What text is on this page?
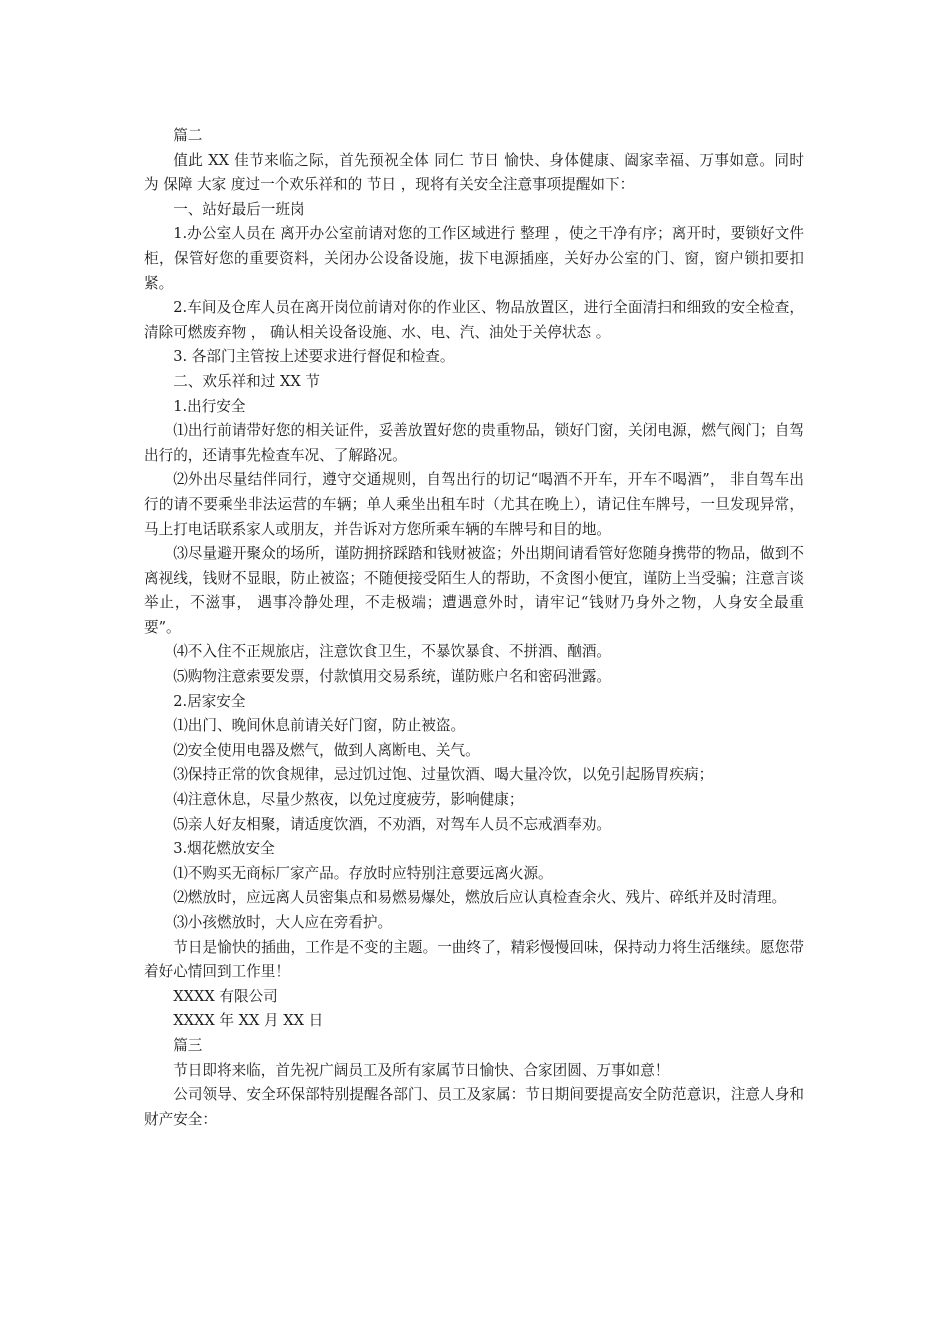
篇二

值此 XX 佳节来临之际，首先预祝全体 同仁 节日 愉快、身体健康、阖家幸福、万事如意。同时 为 保障 大家 度过一个欢乐祥和的 节日 ，现将有关安全注意事项提醒如下：

一、站好最后一班岗

1.办公室人员在 离开办公室前请对您的工作区域进行 整理 ，使之干净有序；离开时，要锁好文件柜，保管好您的重要资料，关闭办公设备设施，拔下电源插座，关好办公室的门、窗，窗户锁扣要扣紧。

2.车间及仓库人员在离开岗位前请对你的作业区、物品放置区，进行全面清扫和细致的安全检查，清除可燃废弃物 ， 确认相关设备设施、水、电、汽、油处于关停状态 。

3. 各部门主管按上述要求进行督促和检查。

二、欢乐祥和过 XX 节

1.出行安全

⑴出行前请带好您的相关证件，妥善放置好您的贵重物品，锁好门窗，关闭电源，燃气阀门；自驾出行的，还请事先检查车况、了解路况。

⑵外出尽量结伴同行，遵守交通规则，自驾出行的切记“喝酒不开车，开车不喝酒”， 非自驾车出行的请不要乘坐非法运营的车辆；单人乘坐出租车时（尤其在晚上），请记住车牌号，一旦发现异常，马上打电话联系家人或朋友，并告诉对方您所乘车辆的车牌号和目的地。

⑶尽量避开聚众的场所，谨防拥挤踩踏和钱财被盗；外出期间请看管好您随身携带的物品，做到不离视线，钱财不显眼，防止被盗；不随便接受陌生人的帮助，不贪图小便宜，谨防上当受骗；注意言谈举止，不滋事， 遇事冷静处理，不走极端；遭遇意外时，请牢记“钱财乃身外之物，人身安全最重要”。

⑷不入住不正规旅店，注意饮食卫生，不暴饮暴食、不拼酒、酗酒。

⑸购物注意索要发票，付款慎用交易系统，谨防账户名和密码泄露。

2.居家安全

⑴出门、晚间休息前请关好门窗，防止被盗。

⑵安全使用电器及燃气，做到人离断电、关气。

⑶保持正常的饮食规律，忌过饥过饱、过量饮酒、喝大量冷饮，以免引起肠胃疾病；

⑷注意休息，尽量少熬夜，以免过度疲劳，影响健康；

⑸亲人好友相聚，请适度饮酒，不劝酒，对驾车人员不忘戒酒奉劝。

3.烟花燃放安全

⑴不购买无商标厂家产品。存放时应特别注意要远离火源。

⑵燃放时，应远离人员密集点和易燃易爆处，燃放后应认真检查余火、残片、碎纸并及时清理。

⑶小孩燃放时，大人应在旁看护。

节日是愉快的插曲，工作是不变的主题。一曲终了，精彩慢慢回味，保持动力将生活继续。愿您带着好心情回到工作里！

XXXX 有限公司

XXXX 年 XX 月 XX 日

篇三

节日即将来临，首先祝广阔员工及所有家属节日愉快、合家团圆、万事如意！

公司领导、安全环保部特别提醒各部门、员工及家属：节日期间要提高安全防范意识，注意人身和财产安全：
